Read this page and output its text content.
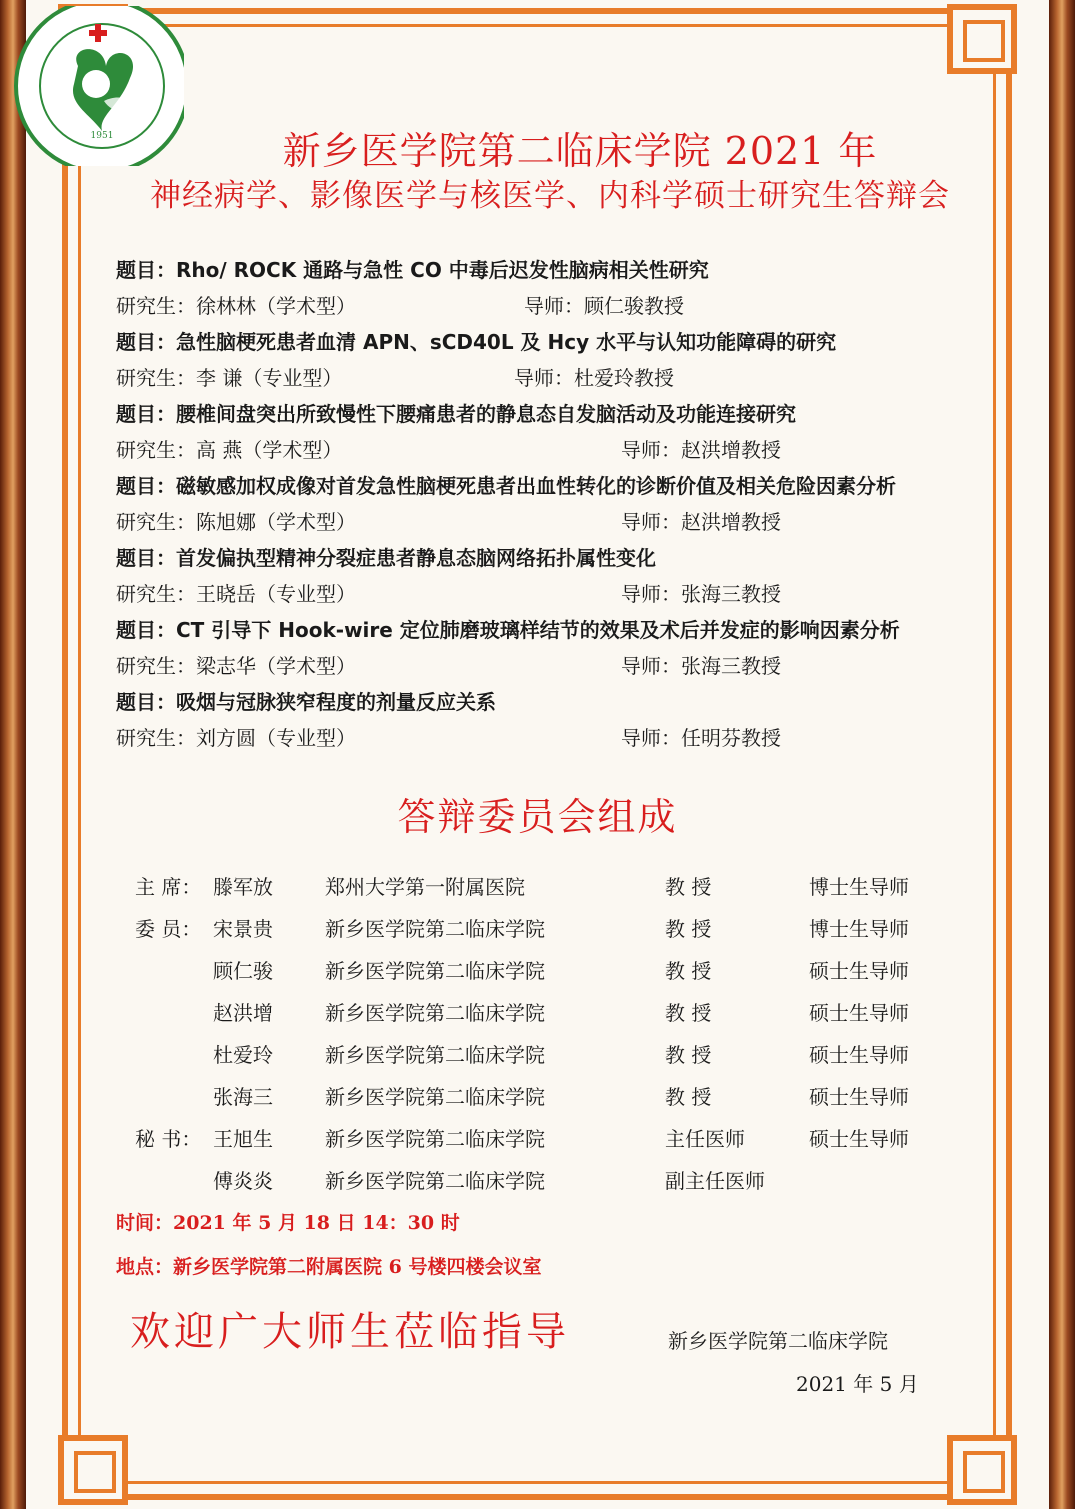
1951	新乡医学院第二临床学院 2021 年
神经病学、影像医学与核医学、内科学硕士研究生答辩会
题目：Rho/ ROCK 通路与急性 CO 中毒后迟发性脑病相关性研究
研究生：徐林林（学术型）	导师：顾仁骏教授
题目：急性脑梗死患者血清 APN、sCD40L 及 Hcy 水平与认知功能障碍的研究
研究生：李 谦（专业型）	导师：杜爱玲教授
题目：腰椎间盘突出所致慢性下腰痛患者的静息态自发脑活动及功能连接研究
研究生：高 燕（学术型）	导师：赵洪增教授
题目：磁敏感加权成像对首发急性脑梗死患者出血性转化的诊断价值及相关危险因素分析
研究生：陈旭娜（学术型）	导师：赵洪增教授
题目：首发偏执型精神分裂症患者静息态脑网络拓扑属性变化
研究生：王晓岳（专业型）	导师：张海三教授
题目：CT 引导下 Hook-wire 定位肺磨玻璃样结节的效果及术后并发症的影响因素分析
研究生：梁志华（学术型）	导师：张海三教授
题目：吸烟与冠脉狭窄程度的剂量反应关系
研究生：刘方圆（专业型）	导师：任明芬教授
答辩委员会组成
主 席： 滕军放	郑州大学第一附属医院	教 授	博士生导师
委 员： 宋景贵	新乡医学院第二临床学院	教 授	博士生导师
顾仁骏	新乡医学院第二临床学院	教 授	硕士生导师
赵洪增	新乡医学院第二临床学院	教 授	硕士生导师
杜爱玲	新乡医学院第二临床学院	教 授	硕士生导师
张海三	新乡医学院第二临床学院	教 授	硕士生导师
秘 书： 王旭生	新乡医学院第二临床学院	主任医师	硕士生导师
傅炎炎	新乡医学院第二临床学院	副主任医师
时间：2021 年 5 月 18 日 14：30 时
地点：新乡医学院第二附属医院 6 号楼四楼会议室
欢迎广大师生莅临指导	新乡医学院第二临床学院
2021 年 5 月
